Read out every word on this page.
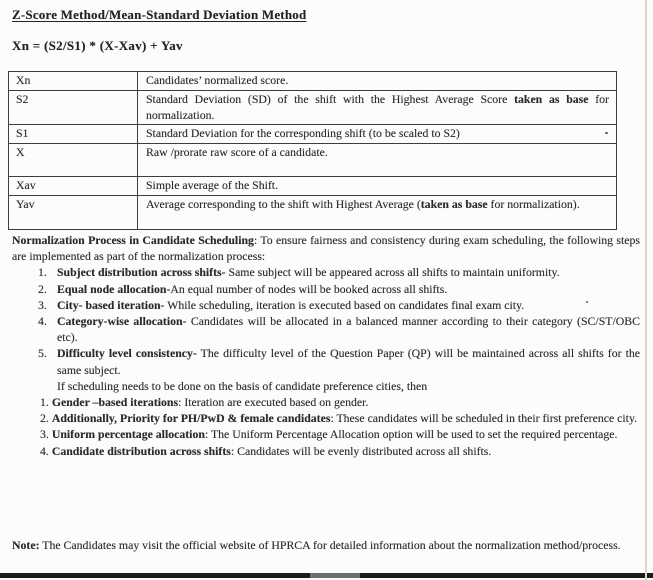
Z-Score Method/Mean-Standard Deviation Method
Xn = (S2/S1) * (X-Xav) + Yav
Xn	Candidates’ normalized score.
S2	Standard Deviation (SD) of the shift with the Highest Average Score taken as base for normalization.
S1	Standard Deviation for the corresponding shift (to be scaled to S2)
X	Raw /prorate raw score of a candidate.
Xav	Simple average of the Shift.
Yav	Average corresponding to the shift with Highest Average (taken as base for normalization).

Normalization Process in Candidate Scheduling: To ensure fairness and consistency during exam scheduling, the following steps are implemented as part of the normalization process:

1. Subject distribution across shifts- Same subject will be appeared across all shifts to maintain uniformity.
2. Equal node allocation-An equal number of nodes will be booked across all shifts.
3. City- based iteration- While scheduling, iteration is executed based on candidates final exam city.
4. Category-wise allocation- Candidates will be allocated in a balanced manner according to their category (SC/ST/OBC etc).
5. Difficulty level consistency- The difficulty level of the Question Paper (QP) will be maintained across all shifts for the same subject.
If scheduling needs to be done on the basis of candidate preference cities, then
1. Gender –based iterations: Iteration are executed based on gender.
2. Additionally, Priority for PH/PwD & female candidates: These candidates will be scheduled in their first preference city.
3. Uniform percentage allocation: The Uniform Percentage Allocation option will be used to set the required percentage.
4. Candidate distribution across shifts: Candidates will be evenly distributed across all shifts.
Note: The Candidates may visit the official website of HPRCA for detailed information about the normalization method/process.
